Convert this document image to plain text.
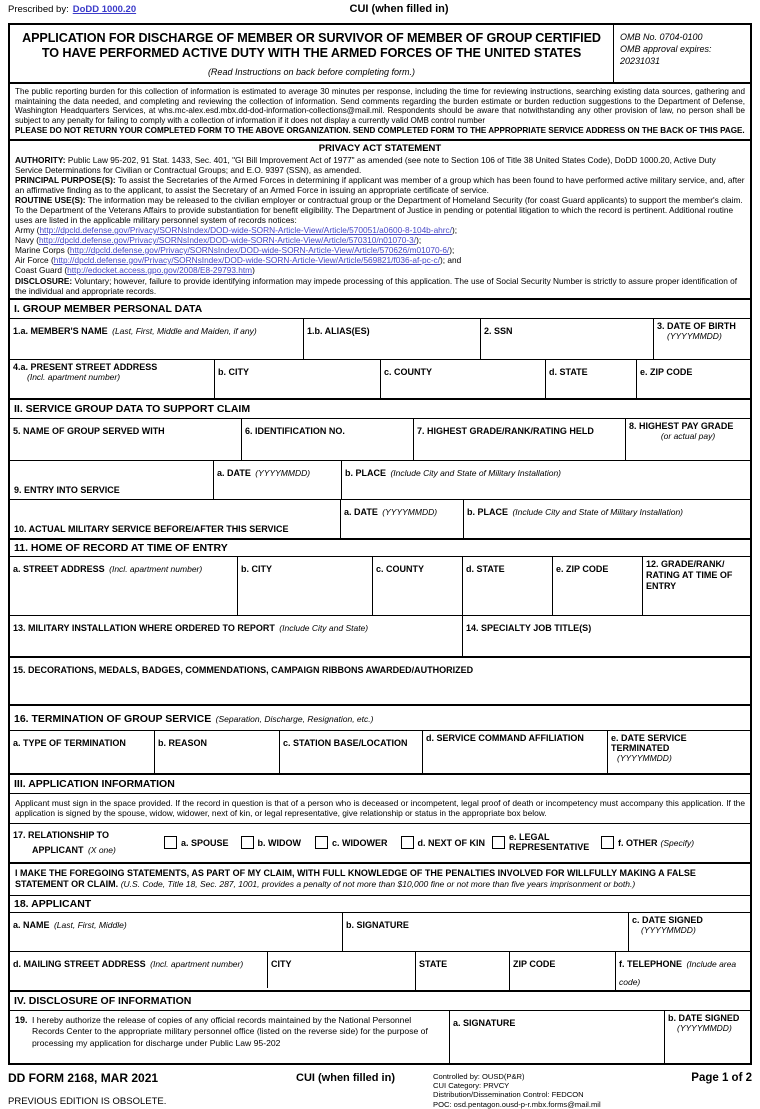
Prescribed by: DoDD 1000.20	CUI (when filled in)
APPLICATION FOR DISCHARGE OF MEMBER OR SURVIVOR OF MEMBER OF GROUP CERTIFIED
TO HAVE PERFORMED ACTIVE DUTY WITH THE ARMED FORCES OF THE UNITED STATES
(Read Instructions on back before completing form.)
OMB No. 0704-0100
OMB approval expires:
20231031
The public reporting burden for this collection of information is estimated to average 30 minutes per response, including the time for reviewing instructions, searching existing data sources, gathering and maintaining the data needed, and completing and reviewing the collection of information. Send comments regarding the burden estimate or burden reduction suggestions to the Department of Defense, Washington Headquarters Services, at whs.mc-alex.esd.mbx.dd-dod-information-collections@mail.mil. Respondents should be aware that notwithstanding any other provision of law, no person shall be subject to any penalty for failing to comply with a collection of information if it does not display a currently valid OMB control number
PLEASE DO NOT RETURN YOUR COMPLETED FORM TO THE ABOVE ORGANIZATION. SEND COMPLETED FORM TO THE APPROPRIATE SERVICE ADDRESS ON THE BACK OF THIS PAGE.
PRIVACY ACT STATEMENT

AUTHORITY: Public Law 95-202, 91 Stat. 1433, Sec. 401, "GI Bill Improvement Act of 1977" as amended (see note to Section 106 of Title 38 United States Code), DoDD 1000.20, Active Duty Service Determinations for Civilian or Contractual Groups; and E.O. 9397 (SSN), as amended.

PRINCIPAL PURPOSE(S): To assist the Secretaries of the Armed Forces in determining if applicant was member of a group which has been found to have performed active military service, and, after an affirmative finding as to the applicant, to assist the Secretary of an Armed Force in issuing an appropriate certificate of service.

ROUTINE USE(S): The information may be released to the civilian employer or contractual group or the Department of Homeland Security (for coast Guard applicants) to support the member's claim. To the Department of the Veterans Affairs to provide substantiation for benefit eligibility. The Department of Justice in pending or potential litigation to which the record is pertinent. Additional routine uses are listed in the applicable military personnel system of records notices:

Army (http://dpcld.defense.gov/Privacy/SORNsIndex/DOD-wide-SORN-Article-View/Article/570051/a0600-8-104b-ahrc/);

Navy (http://dpcld.defense.gov/Privacy/SORNsIndex/DOD-wide-SORN-Article-View/Article/570310/n01070-3/);

Marine Corps (http://dpcld.defense.gov/Privacy/SORNsIndex/DOD-wide-SORN-Article-View/Article/570626/m01070-6/);

Air Force (http://dpcld.defense.gov/Privacy/SORNsIndex/DOD-wide-SORN-Article-View/Article/569821/f036-af-pc-c/); and

Coast Guard (http://edocket.access.gpo.gov/2008/E8-29793.htm)

DISCLOSURE: Voluntary; however, failure to provide identifying information may impede processing of this application. The use of Social Security Number is strictly to assure proper identification of the individual and appropriate records.

I. GROUP MEMBER PERSONAL DATA
1.a. MEMBER'S NAME (Last, First, Middle and Maiden, if any)	1.b. ALIAS(ES)	2. SSN	3. DATE OF BIRTH
(YYYYMMDD)
4.a. PRESENT STREET ADDRESS
(Incl. apartment number)	b. CITY	c. COUNTY	d. STATE	e. ZIP CODE
II. SERVICE GROUP DATA TO SUPPORT CLAIM
5. NAME OF GROUP SERVED WITH	6. IDENTIFICATION NO.	7. HIGHEST GRADE/RANK/RATING HELD	8. HIGHEST PAY GRADE
(or actual pay)
9. ENTRY INTO SERVICE
a. DATE (YYYYMMDD)	b. PLACE (Include City and State of Military Installation)
10. ACTUAL MILITARY SERVICE BEFORE/AFTER THIS SERVICE
a. DATE (YYYYMMDD)	b. PLACE (Include City and State of Military Installation)
11. HOME OF RECORD AT TIME OF ENTRY
a. STREET ADDRESS (Incl. apartment number)	b. CITY	c. COUNTY	d. STATE	e. ZIP CODE	12. GRADE/RANK/ RATING AT TIME OF ENTRY
13. MILITARY INSTALLATION WHERE ORDERED TO REPORT (Include City and State)	14. SPECIALTY JOB TITLE(S)
15. DECORATIONS, MEDALS, BADGES, COMMENDATIONS, CAMPAIGN RIBBONS AWARDED/AUTHORIZED
16. TERMINATION OF GROUP SERVICE (Separation, Discharge, Resignation, etc.)
a. TYPE OF TERMINATION	b. REASON	c. STATION BASE/LOCATION	d. SERVICE COMMAND AFFILIATION	e. DATE SERVICE TERMINATED
(YYYYMMDD)
III. APPLICATION INFORMATION
Applicant must sign in the space provided. If the record in question is that of a person who is deceased or incompetent, legal proof of death or incompetency must accompany this application. If the application is signed by the spouse, widow, widower, next of kin, or legal representative, give relationship or status in the appropriate box below.
17. RELATIONSHIP TO
APPLICANT (X one)
a. SPOUSE	b. WIDOW	c. WIDOWER	d. NEXT OF KIN
e. LEGAL REPRESENTATIVE	f. OTHER (Specify)
I MAKE THE FOREGOING STATEMENTS, AS PART OF MY CLAIM, WITH FULL KNOWLEDGE OF THE PENALTIES INVOLVED FOR WILLFULLY MAKING A FALSE STATEMENT OR CLAIM. (U.S. Code, Title 18, Sec. 287, 1001, provides a penalty of not more than $10,000 fine or not more than five years imprisonment or both.)
18. APPLICANT
a. NAME (Last, First, Middle)	b. SIGNATURE	c. DATE SIGNED
(YYYYMMDD)
d. MAILING STREET ADDRESS (Incl. apartment number)	CITY	STATE	ZIP CODE	f. TELEPHONE (Include area code)
IV. DISCLOSURE OF INFORMATION
19. I hereby authorize the release of copies of any official records maintained by the National Personnel Records Center to the appropriate military personnel office (listed on the reverse side) for the purpose of processing my application for discharge under Public Law 95-202
a. SIGNATURE	b. DATE SIGNED
(YYYYMMDD)
DD FORM 2168, MAR 2021
PREVIOUS EDITION IS OBSOLETE.
CUI (when filled in)	Controlled by: OUSD(P&R)
CUI Category: PRVCY
Distribution/Dissemination Control: FEDCON
POC: osd.pentagon.ousd-p-r.mbx.forms@mail.mil
Page 1 of 2
